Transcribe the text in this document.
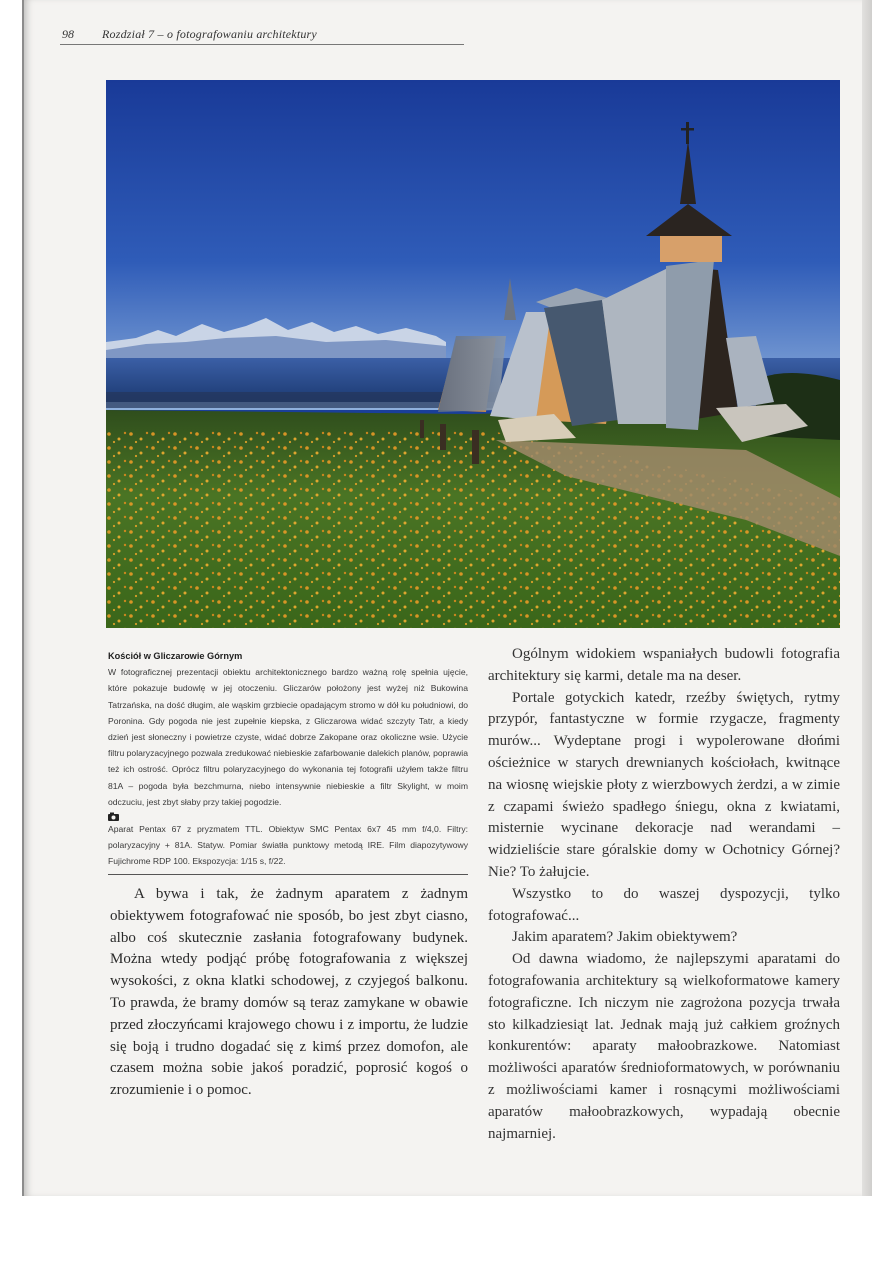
98 Rozdział 7 – o fotografowaniu architektury
Kościół w Gliczarowie Górnym

W fotograficznej prezentacji obiektu architektonicznego bardzo ważną rolę spełnia ujęcie, które pokazuje budowlę w jej otoczeniu. Gliczarów położony jest wyżej niż Bukowina Tatrzańska, na dość długim, ale wąskim grzbiecie opadającym stromo w dół ku południowi, do Poronina. Gdy pogoda nie jest zupełnie kiepska, z Gliczarowa widać szczyty Tatr, a kiedy dzień jest słoneczny i powietrze czyste, widać dobrze Zakopane oraz okoliczne wsie. Użycie filtru polaryzacyjnego pozwala zredukować niebieskie zafarbowanie dalekich planów, poprawia też ich ostrość. Oprócz filtru polaryzacyjnego do wykonania tej fotografii użyłem także filtru 81A – pogoda była bezchmurna, niebo intensywnie niebieskie a filtr Skylight, w moim odczuciu, jest zbyt słaby przy takiej pogodzie.

Aparat Pentax 67 z pryzmatem TTL. Obiektyw SMC Pentax 6x7 45 mm f/4,0. Filtry: polaryzacyjny + 81A. Statyw. Pomiar światła punktowy metodą IRE. Film diapozytywowy Fujichrome RDP 100. Ekspozycja: 1/15 s, f/22.

A bywa i tak, że żadnym aparatem z żadnym obiektywem fotografować nie sposób, bo jest zbyt ciasno, albo coś skutecznie zasłania fotografowany budynek. Można wtedy podjąć próbę fotografowania z większej wysokości, z okna klatki schodowej, z czyjegoś balkonu. To prawda, że bramy domów są teraz zamykane w obawie przed złoczyńcami krajowego chowu i z importu, że ludzie się boją i trudno dogadać się z kimś przez domofon, ale czasem można sobie jakoś poradzić, poprosić kogoś o zrozumienie i o pomoc.

Ogólnym widokiem wspaniałych budowli fotografia architektury się karmi, detale ma na deser.

Portale gotyckich katedr, rzeźby świętych, rytmy przypór, fantastyczne w formie rzygacze, fragmenty murów... Wydeptane progi i wypolerowane dłońmi ościeżnice w starych drewnianych kościołach, kwitnące na wiosnę wiejskie płoty z wierzbowych żerdzi, a w zimie z czapami świeżo spadłego śniegu, okna z kwiatami, misternie wycinane dekoracje nad werandami – widzieliście stare góralskie domy w Ochotnicy Górnej? Nie? To żałujcie.

Wszystko to do waszej dyspozycji, tylko fotografować...

Jakim aparatem? Jakim obiektywem?

Od dawna wiadomo, że najlepszymi aparatami do fotografowania architektury są wielkoformatowe kamery fotograficzne. Ich niczym nie zagrożona pozycja trwała sto kilkadziesiąt lat. Jednak mają już całkiem groźnych konkurentów: aparaty małoobrazkowe. Natomiast możliwości aparatów średnioformatowych, w porównaniu z możliwościami kamer i rosnącymi możliwościami aparatów małoobrazkowych, wypadają obecnie najmarniej.
